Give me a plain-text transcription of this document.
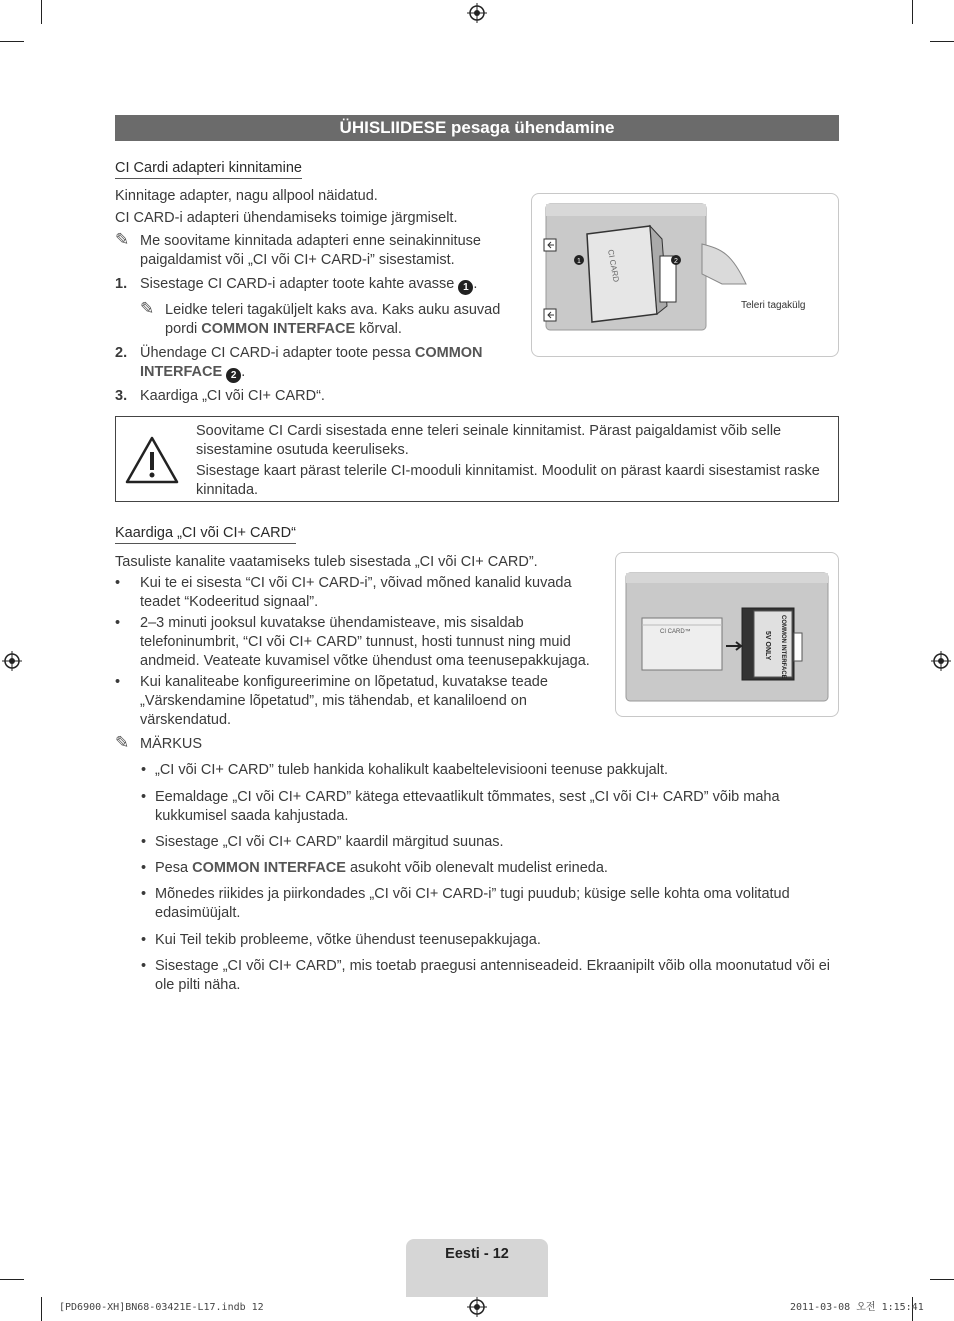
ÜHISLIIDESE pesaga ühendamine
CI Cardi adapteri kinnitamine
Kinnitage adapter, nagu allpool näidatud.
CI CARD-i adapteri ühendamiseks toimige järgmiselt.
✎ Me soovitame kinnitada adapteri enne seinakinnituse
paigaldamist või „CI või CI+ CARD-i” sisestamist.
1. Sisestage CI CARD-i adapter toote kahte avasse 1 .
✎ Leidke teleri tagaküljelt kaks ava. Kaks auku asuvad
pordi COMMON INTERFACE kõrval.
2. Ühendage CI CARD-i adapter toote pessa COMMON
INTERFACE 2 .
3. Kaardiga „CI või CI+ CARD“.
CI CARD
1	2
Teleri tagakülg
Soovitame CI Cardi sisestada enne teleri seinale kinnitamist. Pärast paigaldamist võib selle
sisestamine osutuda keeruliseks.
Sisestage kaart pärast telerile CI-mooduli kinnitamist. Moodulit on pärast kaardi sisestamist raske
kinnitada.
Kaardiga „CI või CI+ CARD“
Tasuliste kanalite vaatamiseks tuleb sisestada „CI või CI+ CARD”.
• Kui te ei sisesta “CI või CI+ CARD-i”, võivad mõned kanalid kuvada
teadet “Kodeeritud signaal”.
• 2–3 minuti jooksul kuvatakse ühendamisteave, mis sisaldab
telefoninumbrit, “CI või CI+ CARD” tunnust, hosti tunnust ning muid
andmeid. Veateate kuvamisel võtke ühendust oma teenusepakkujaga.
• Kui kanaliteabe konfigureerimine on lõpetatud, kuvatakse teade
„Värskendamine lõpetatud”, mis tähendab, et kanaliloend on
värskendatud.
✎ MÄRKUS
• „CI või CI+ CARD” tuleb hankida kohalikult kaabeltelevisiooni teenuse pakkujalt.
• Eemaldage „CI või CI+ CARD” kätega ettevaatlikult tõmmates, sest „CI või CI+ CARD” võib maha
kukkumisel saada kahjustada.
• Sisestage „CI või CI+ CARD” kaardil märgitud suunas.
• Pesa COMMON INTERFACE asukoht võib olenevalt mudelist erineda.
• Mõnedes riikides ja piirkondades „CI või CI+ CARD-i” tugi puudub; küsige selle kohta oma volitatud
edasimüüjalt.
• Kui Teil tekib probleeme, võtke ühendust teenusepakkujaga.
• Sisestage „CI või CI+ CARD”, mis toetab praegusi antenniseadeid. Ekraanipilt võib olla moonutatud või ei
ole pilti näha.
CI CARD™	COMMON INTERFACE
5V ONLY
Eesti - 12
[PD6900-XH]BN68-03421E-L17.indb 12	2011-03-08 오전 1:15:41
